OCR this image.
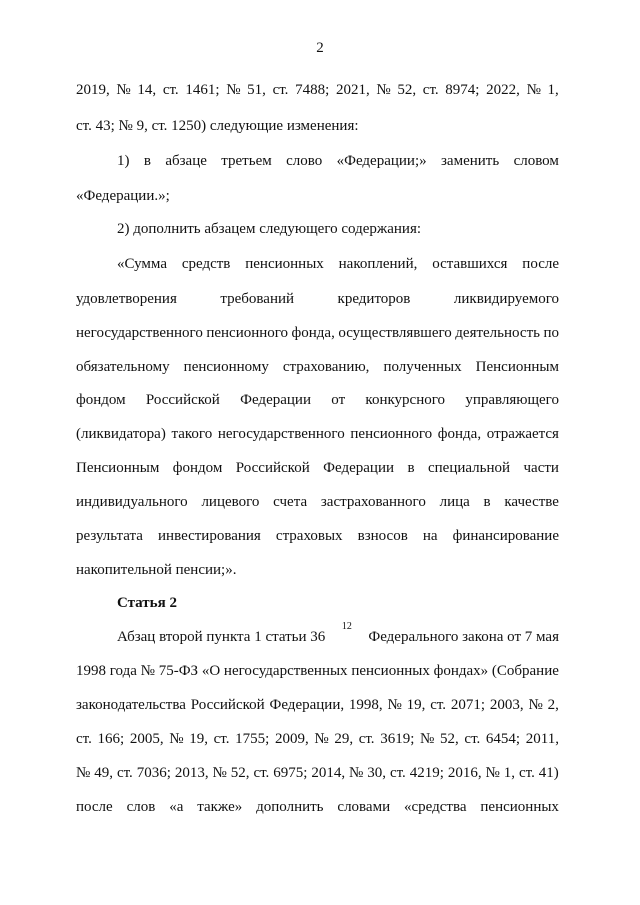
2
2019, № 14, ст. 1461; № 51, ст. 7488; 2021, № 52, ст. 8974; 2022, № 1,
ст. 43; № 9, ст. 1250) следующие изменения:
1) в абзаце третьем слово «Федерации;» заменить словом
«Федерации.»;
2) дополнить абзацем следующего содержания:
«Сумма средств пенсионных накоплений, оставшихся после
удовлетворения	требований	кредиторов	ликвидируемого
негосударственного пенсионного фонда, осуществлявшего деятельность по
обязательному пенсионному страхованию, полученных Пенсионным
фондом Российской Федерации от конкурсного управляющего
(ликвидатора) такого негосударственного пенсионного фонда, отражается
Пенсионным фондом Российской Федерации в специальной части
индивидуального лицевого счета застрахованного лица в качестве
результата инвестирования страховых взносов на финансирование
накопительной пенсии;».
Статья 2
Абзац второй пункта 1 статьи 36
12
Федерального закона от 7 мая
1998 года № 75-ФЗ «О негосударственных пенсионных фондах» (Собрание
законодательства Российской Федерации, 1998, № 19, ст. 2071; 2003, № 2,
ст. 166; 2005, № 19, ст. 1755; 2009, № 29, ст. 3619; № 52, ст. 6454; 2011,
№ 49, ст. 7036; 2013, № 52, ст. 6975; 2014, № 30, ст. 4219; 2016, № 1, ст. 41)
после слов «а также» дополнить словами «средства пенсионных
